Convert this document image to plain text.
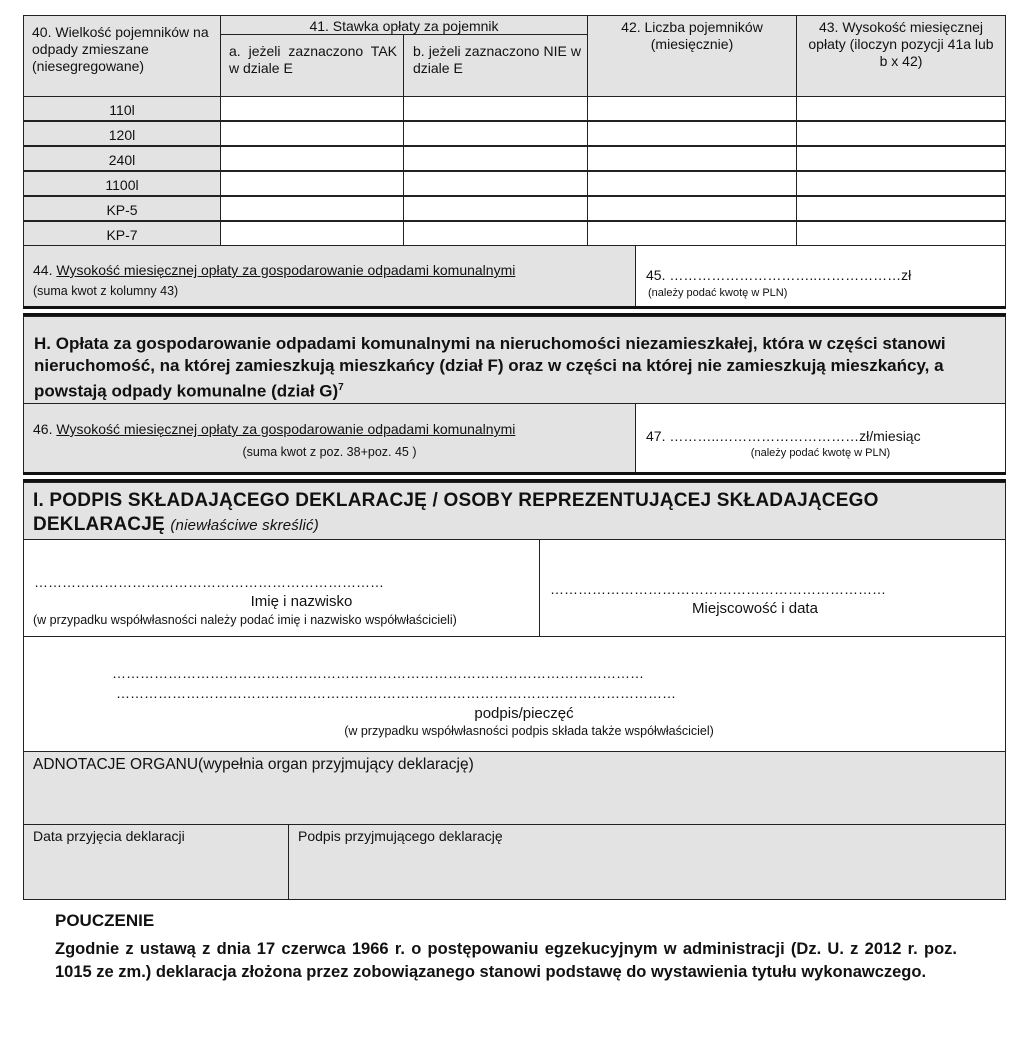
40. Wielkość pojemników na odpady zmieszane (niesegregowane)
41. Stawka opłaty za pojemnik
a. jeżeli zaznaczono TAK w dziale E
b. jeżeli zaznaczono NIE w dziale E
42. Liczba pojemników (miesięcznie)
43. Wysokość miesięcznej opłaty (iloczyn pozycji 41a lub b x 42)
110l
120l
240l
1100l
KP-5
KP-7
44. Wysokość miesięcznej opłaty za gospodarowanie odpadami komunalnymi
(suma kwot z kolumny 43)
45. …………………………..………………zł
(należy podać kwotę w PLN)
H. Opłata za gospodarowanie odpadami komunalnymi na nieruchomości niezamieszkałej, która w części stanowi nieruchomość, na której zamieszkują mieszkańcy (dział F) oraz w części na której nie zamieszkują mieszkańcy, a powstają odpady komunalne (dział G)$^7$
46. Wysokość miesięcznej opłaty za gospodarowanie odpadami komunalnymi
(suma kwot z poz. 38+poz. 45 )
47. ………..…………………………zł/miesiąc
(należy podać kwotę w PLN)
I. PODPIS SKŁADAJĄCEGO DEKLARACJĘ / OSOBY REPREZENTUJĄCEJ SKŁADAJĄCEGO DEKLARACJĘ (niewłaściwe skreślić)
…………………………………………………………………
Imię i nazwisko
(w przypadku współwłasności należy podać imię i nazwisko współwłaścicieli)
………………………………………………………………
Miejscowość i data
……………………………………………………………………………………………………
…………………………………………………………………………………………………………
podpis/pieczęć
(w przypadku współwłasności podpis składa także współwłaściciel)
ADNOTACJE ORGANU(wypełnia organ przyjmujący deklarację)
Data przyjęcia deklaracji	Podpis przyjmującego deklarację
POUCZENIE
Zgodnie z ustawą z dnia 17 czerwca 1966 r. o postępowaniu egzekucyjnym w administracji (Dz. U. z 2012 r. poz. 1015 ze zm.) deklaracja złożona przez zobowiązanego stanowi podstawę do wystawienia tytułu wykonawczego.
